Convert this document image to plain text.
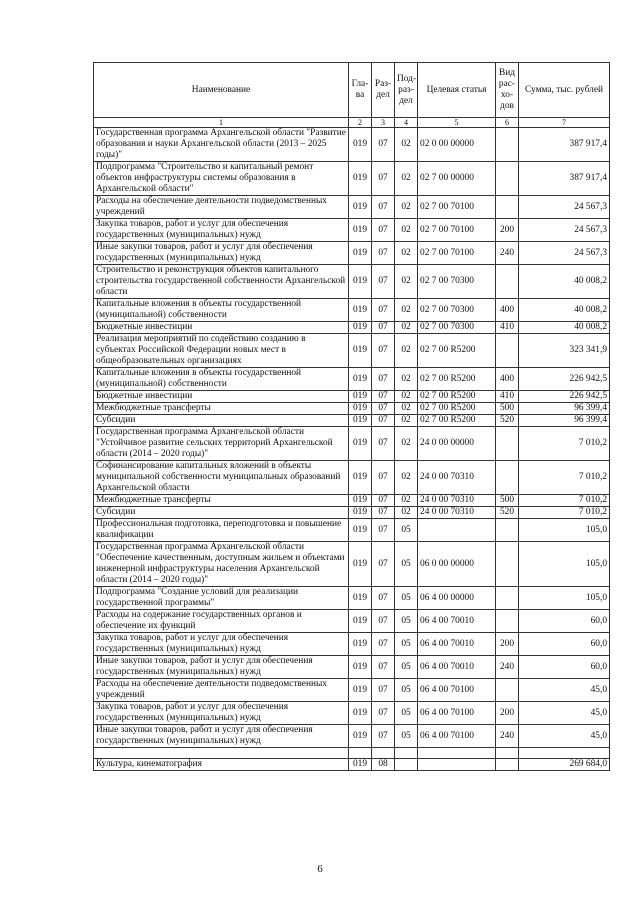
Наименование	Гла- ва	Раз- дел	Под- раз- дел	Целевая статья	Вид рас- хо- дов	Сумма, тыс. рублей
1	2	3	4	5	6	7
Государственная программа Архангельской области "Развитие образования и науки Архангельской области (2013 – 2025 годы)"	019	07	02	02 0 00 00000		387 917,4
Подпрограмма "Строительство и капитальный ремонт объектов инфраструктуры системы образования в Архангельской области"	019	07	02	02 7 00 00000		387 917,4
Расходы на обеспечение деятельности подведомственных учреждений	019	07	02	02 7 00 70100		24 567,3
Закупка товаров, работ и услуг для обеспечения государственных (муниципальных) нужд	019	07	02	02 7 00 70100	200	24 567,3
Иные закупки товаров, работ и услуг для обеспечения государственных (муниципальных) нужд	019	07	02	02 7 00 70100	240	24 567,3
Строительство и реконструкция объектов капитального строительства государственной собственности Архангельской области	019	07	02	02 7 00 70300		40 008,2
Капитальные вложения в объекты государственной (муниципальной) собственности	019	07	02	02 7 00 70300	400	40 008,2
Бюджетные инвестиции	019	07	02	02 7 00 70300	410	40 008,2
Реализация мероприятий по содействию созданию в субъектах Российской Федерации новых мест в общеобразовательных организациях	019	07	02	02 7 00 R5200		323 341,9
Капитальные вложения в объекты государственной (муниципальной) собственности	019	07	02	02 7 00 R5200	400	226 942,5
Бюджетные инвестиции	019	07	02	02 7 00 R5200	410	226 942,5
Межбюджетные трансферты	019	07	02	02 7 00 R5200	500	96 399,4
Субсидии	019	07	02	02 7 00 R5200	520	96 399,4
Государственная программа Архангельской области "Устойчивое развитие сельских территорий Архангельской области (2014 – 2020 годы)"	019	07	02	24 0 00 00000		7 010,2
Софинансирование капитальных вложений в объекты муниципальной собственности муниципальных образований Архангельской области	019	07	02	24 0 00 70310		7 010,2
Межбюджетные трансферты	019	07	02	24 0 00 70310	500	7 010,2
Субсидии	019	07	02	24 0 00 70310	520	7 010,2
Профессиональная подготовка, переподготовка и повышение квалификации	019	07	05			105,0
Государственная программа Архангельской области "Обеспечение качественным, доступным жильем и объектами инженерной инфраструктуры населения Архангельской области (2014 – 2020 годы)"	019	07	05	06 0 00 00000		105,0
Подпрограмма "Создание условий для реализации государственной программы"	019	07	05	06 4 00 00000		105,0
Расходы на содержание государственных органов и обеспечение их функций	019	07	05	06 4 00 70010		60,0
Закупка товаров, работ и услуг для обеспечения государственных (муниципальных) нужд	019	07	05	06 4 00 70010	200	60,0
Иные закупки товаров, работ и услуг для обеспечения государственных (муниципальных) нужд	019	07	05	06 4 00 70010	240	60,0
Расходы на обеспечение деятельности подведомственных учреждений	019	07	05	06 4 00 70100		45,0
Закупка товаров, работ и услуг для обеспечения государственных (муниципальных) нужд	019	07	05	06 4 00 70100	200	45,0
Иные закупки товаров, работ и услуг для обеспечения государственных (муниципальных) нужд	019	07	05	06 4 00 70100	240	45,0

Культура, кинематография	019	08				269 684,0
6
